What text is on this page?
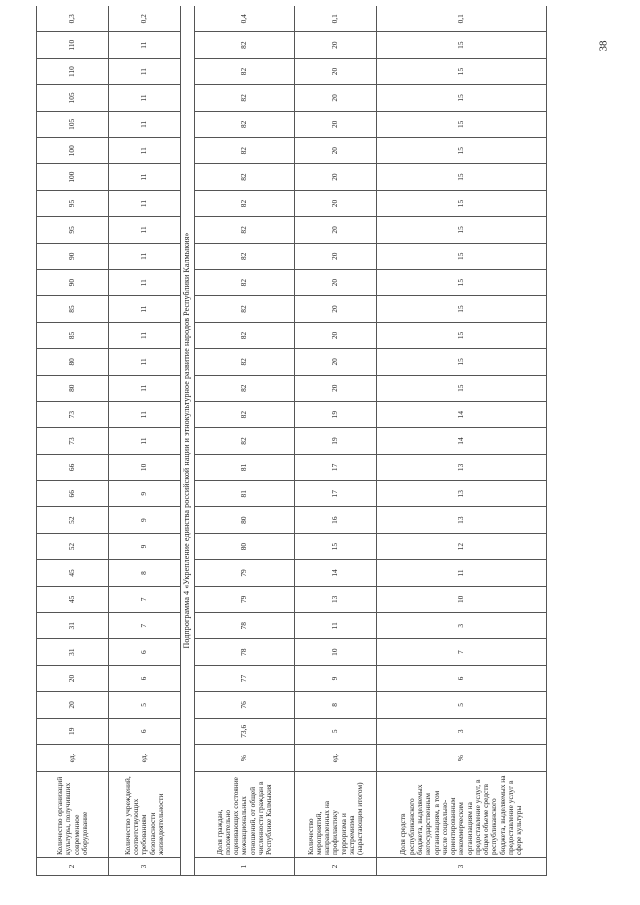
38
2	Количество организаций культуры, получивших современное оборудование	ед.	19	20	20	31	31	45	45	52	52	66	66	73	73	80	80	85	85	90	90	95	95	100	100	105	105	110	110	0,3
3	Количество учреждений, соответствующих требованиям безопасности жизнедеятельности	ед.	6	5	6	6	7	7	8	9	9	9	10	11	11	11	11	11	11	11	11	11	11	11	11	11	11	11	11	0,2
Подпрограмма 4 «Укрепление единства российской нации и этнокультурное развитие народов Республики Калмыкия»																														
1	Доля граждан, положительно оценивающих состояние межнациональных отношений, от общей численности граждан в Республике Калмыкия	%	73,6	76	77	78	78	79	79	80	80	81	81	82	82	82	82	82	82	82	82	82	82	82	82	82	82	82	82	0,4
2	Количество мероприятий, направленных на профилактику терроризма и экстремизма (нарастающим итогом)	ед.	5	8	9	10	11	13	14	15	16	17	17	19	19	20	20	20	20	20	20	20	20	20	20	20	20	20	20	0,1
3	Доля средств республиканского бюджета, выделяемых негосударственным организациям, в том числе социально-ориентированным некоммерческим организациям на предоставление услуг, в общем объеме средств республиканского бюджета, выделяемых на предоставление услуг в сфере культуры	%	3	5	6	7	3	10	11	12	13	13	13	14	14	15	15	15	15	15	15	15	15	15	15	15	15	15	15	0,1
